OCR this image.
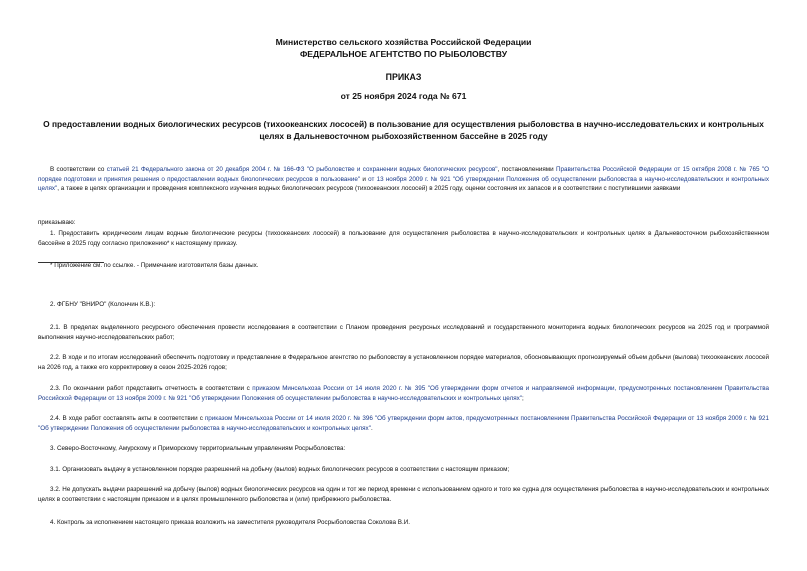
Министерство сельского хозяйства Российской Федерации
ФЕДЕРАЛЬНОЕ АГЕНТСТВО ПО РЫБОЛОВСТВУ
ПРИКАЗ
от 25 ноября 2024 года № 671
О предоставлении водных биологических ресурсов (тихоокеанских лососей) в пользование для осуществления рыболовства в научно-исследовательских и контрольных целях в Дальневосточном рыбохозяйственном бассейне в 2025 году

В соответствии со статьей 21 Федерального закона от 20 декабря 2004 г. № 166-ФЗ "О рыболовстве и сохранении водных биологических ресурсов", постановлениями Правительства Российской Федерации от 15 октября 2008 г. № 765 "О порядке подготовки и принятия решения о предоставлении водных биологических ресурсов в пользование" и от 13 ноября 2009 г. № 921 "Об утверждении Положения об осуществлении рыболовства в научно-исследовательских и контрольных целях", а также в целях организации и проведения комплексного изучения водных биологических ресурсов (тихоокеанских лососей) в 2025 году, оценки состояния их запасов и в соответствии с поступившими заявками

приказываю:

1. Предоставить юридическим лицам водные биологические ресурсы (тихоокеанских лососей) в пользование для осуществления рыболовства в научно-исследовательских и контрольных целях в Дальневосточном рыбохозяйственном бассейне в 2025 году согласно приложению* к настоящему приказу.

* Приложение см. по ссылке. - Примечание изготовителя базы данных.

2. ФГБНУ "ВНИРО" (Колончин К.В.):

2.1. В пределах выделенного ресурсного обеспечения провести исследования в соответствии с Планом проведения ресурсных исследований и государственного мониторинга водных биологических ресурсов на 2025 год и программой выполнения научно-исследовательских работ;

2.2. В ходе и по итогам исследований обеспечить подготовку и представление в Федеральное агентство по рыболовству в установленном порядке материалов, обосновывающих прогнозируемый объем добычи (вылова) тихоокеанских лососей на 2026 год, а также его корректировку в сезон 2025-2026 годов;

2.3. По окончании работ представить отчетность в соответствии с приказом Минсельхоза России от 14 июля 2020 г. № 395 "Об утверждении форм отчетов и направляемой информации, предусмотренных постановлением Правительства Российской Федерации от 13 ноября 2009 г. № 921 "Об утверждении Положения об осуществлении рыболовства в научно-исследовательских и контрольных целях";

2.4. В ходе работ составлять акты в соответствии с приказом Минсельхоза России от 14 июля 2020 г. № 396 "Об утверждении форм актов, предусмотренных постановлением Правительства Российской Федерации от 13 ноября 2009 г. № 921 "Об утверждении Положения об осуществлении рыболовства в научно-исследовательских и контрольных целях".

3. Северо-Восточному, Амурскому и Приморскому территориальным управлениям Росрыболовства:

3.1. Организовать выдачу в установленном порядке разрешений на добычу (вылов) водных биологических ресурсов в соответствии с настоящим приказом;

3.2. Не допускать выдачи разрешений на добычу (вылов) водных биологических ресурсов на один и тот же период времени с использованием одного и того же судна для осуществления рыболовства в научно-исследовательских и контрольных целях в соответствии с настоящим приказом и в целях промышленного рыболовства и (или) прибрежного рыболовства.

4. Контроль за исполнением настоящего приказа возложить на заместителя руководителя Росрыболовства Соколова В.И.
